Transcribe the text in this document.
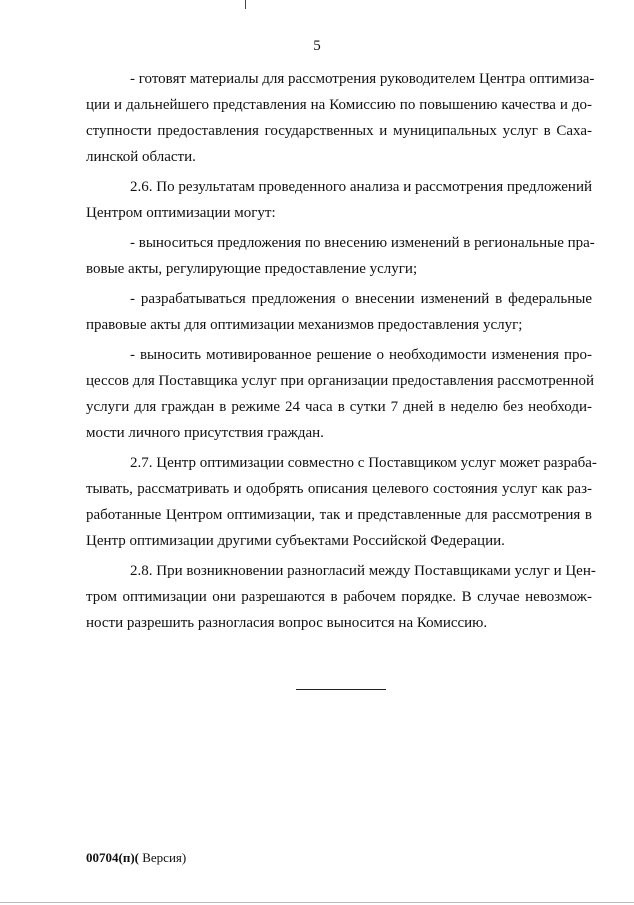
5
- готовят материалы для рассмотрения руководителем Центра оптимиза-
ции и дальнейшего представления на Комиссию по повышению качества и до-
ступности предоставления государственных и муниципальных услуг в Саха-
линской области.
2.6. По результатам проведенного анализа и рассмотрения предложений
Центром оптимизации могут:
- выноситься предложения по внесению изменений в региональные пра-
вовые акты, регулирующие предоставление услуги;
- разрабатываться предложения о внесении изменений в федеральные
правовые акты для оптимизации механизмов предоставления услуг;
- выносить мотивированное решение о необходимости изменения про-
цессов для Поставщика услуг при организации предоставления рассмотренной
услуги для граждан в режиме 24 часа в сутки 7 дней в неделю без необходи-
мости личного присутствия граждан.
2.7. Центр оптимизации совместно с Поставщиком услуг может разраба-
тывать, рассматривать и одобрять описания целевого состояния услуг как раз-
работанные Центром оптимизации, так и представленные для рассмотрения в
Центр оптимизации другими субъектами Российской Федерации.
2.8. При возникновении разногласий между Поставщиками услуг и Цен-
тром оптимизации они разрешаются в рабочем порядке. В случае невозмож-
ности разрешить разногласия вопрос выносится на Комиссию.
00704(п)( Версия)
